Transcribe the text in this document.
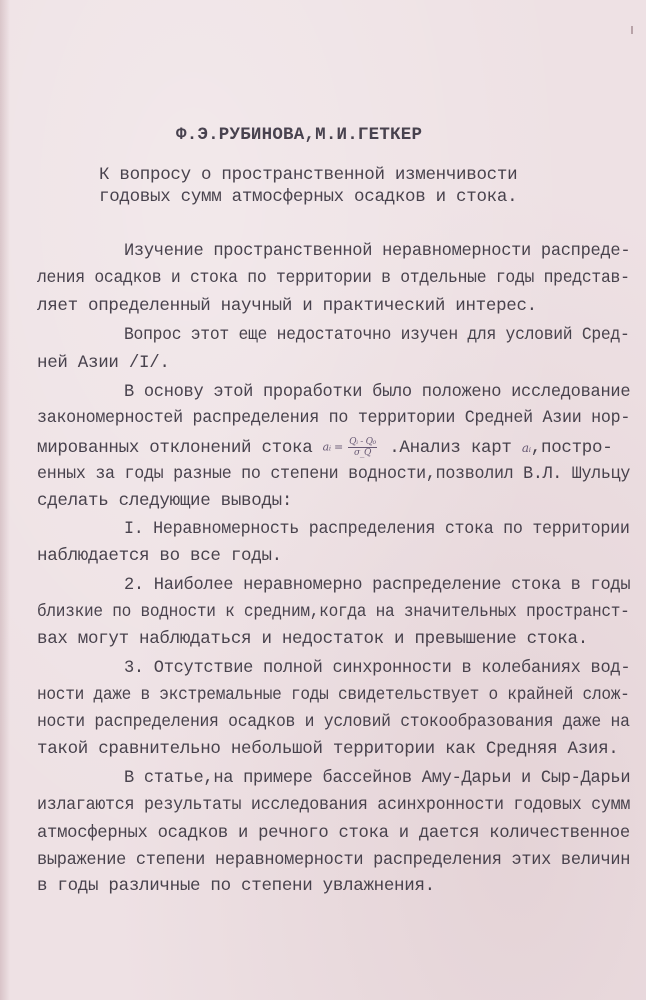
Ф.Э.РУБИНОВА,М.И.ГЕТКЕР
К вопросу о пространственной изменчивости
годовых сумм атмосферных осадков и стока.
Изучение пространственной неравномерности распреде-
ления осадков и стока по территории в отдельные годы представ-
ляет определенный научный и практический интерес.
Вопрос этот еще недостаточно изучен для условий Сред-
ней Азии /I/.
В основу этой проработки было положено исследование
закономерностей распределения по территории Средней Азии нор-
мированных отклонений стока aᵢ = $\frac{\text{Qᵢ - Q₀}}{\sigma\_Q}$ .Анализ карт aᵢ,постро-
енных за годы разные по степени водности,позволил В.Л. Шульцу
сделать следующие выводы:
I. Неравномерность распределения стока по территории
наблюдается во все годы.
2. Наиболее неравномерно распределение стока в годы
близкие по водности к средним,когда на значительных пространст-
вах могут наблюдаться и недостаток и превышение стока.
3. Отсутствие полной синхронности в колебаниях вод-
ности даже в экстремальные годы свидетельствует о крайней слож-
ности распределения осадков и условий стокообразования даже на
такой сравнительно небольшой территории как Средняя Азия.
В статье,на примере бассейнов Аму-Дарьи и Сыр-Дарьи
излагаются результаты исследования асинхронности годовых сумм
атмосферных осадков и речного стока и дается количественное
выражение степени неравномерности распределения этих величин
в годы различные по степени увлажнения.
